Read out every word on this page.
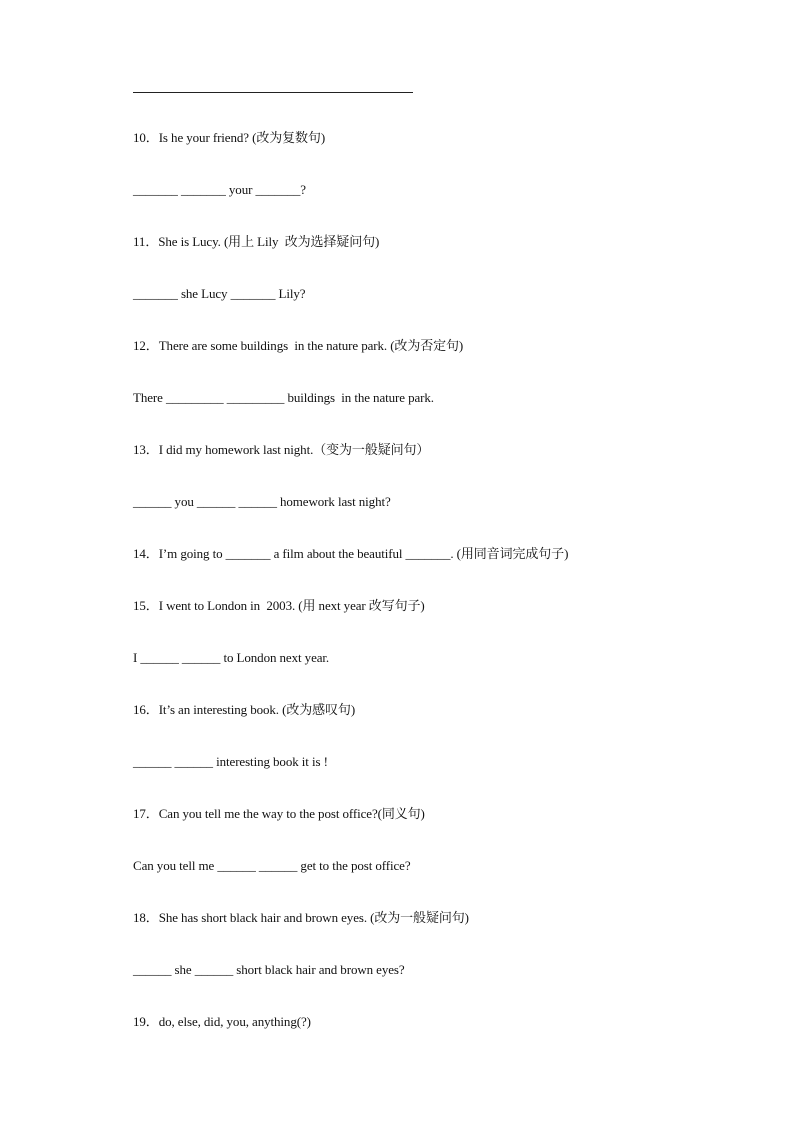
10．Is he your friend? (改为复数句)
_______ _______ your _______?
11．She is Lucy. (用上 Lily  改为选择疑问句)
_______ she Lucy _______ Lily?
12．There are some buildings  in the nature park. (改为否定句)
There _________ _________ buildings  in the nature park.
13．I did my homework last night.（变为一般疑问句）
______ you ______ ______ homework last night?
14．I’m going to _______ a film about the beautiful _______. (用同音词完成句子)
15．I went to London in  2003. (用 next year 改写句子)
I ______ ______ to London next year.
16．It’s an interesting book. (改为感叹句)
______ ______ interesting book it is !
17．Can you tell me the way to the post office?(同义句)
Can you tell me ______ ______ get to the post office?
18．She has short black hair and brown eyes. (改为一般疑问句)
______ she ______ short black hair and brown eyes?
19．do, else, did, you, anything(?)
